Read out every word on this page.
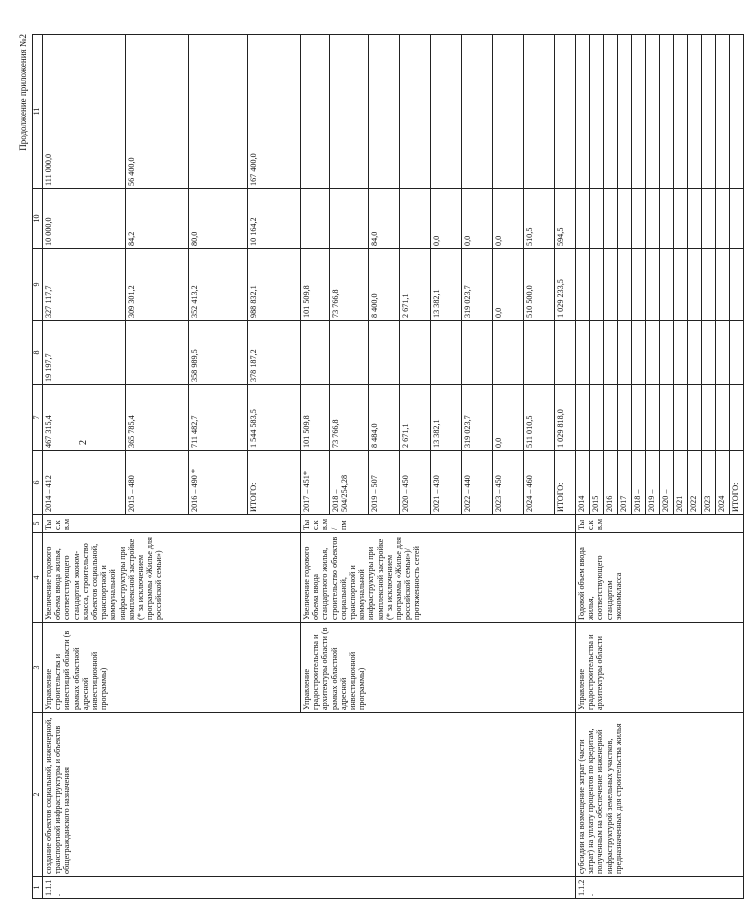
2
Продолжение приложения №2
1	2	3	4	5	6	7	8	9	10	11
1.1.1.	создание объектов социальной, инженерной, транспортной инфраструктуры и объектов общегражданского назначения	Управление строительства и инвестиций области (в рамках областной адресной инвестиционной программы)	Увеличение годового объема ввода жилья, соответствующего стандартам эконом-класса, строительство объектов социальной, транспортной и коммунальной инфраструктуры при комплексной застройке (* за исключением программы «Жилье для российской семьи»)	Тыс.кв.м	2014 – 412	467 315,4	19 197,7	327 117,7	10 000,0	111 000,0
					2015 – 480	365 785,4		309 301,2	84,2	56 400,0
					2016 – 490 *	711 482,7	358 989,5	352 413,2	80,0	
					ИТОГО:	1 544 583,5	378 187,2	988 832,1	10 164,2	167 400,0
		Управление градостроительства и архитектуры области (в рамках областной адресной инвестиционной программы)	Увеличение годового объема ввода стандартного жилья, строительство объектов социальной, транспортной и коммунальной инфраструктуры при комплексной застройке (* за исключением программы «Жилье для российской семьи»)/ протяженность сетей	Тыс.кв.м/ пм	2017 – 451*	101 509,8		101 509,8		
					2018 – 504/254,28	73 766,8		73 766,8		
					2019 – 507	8 484,0		8 400,0	84,0	
					2020 – 450	2 671,1		2 671,1		
					2021 – 430	13 382,1		13 382,1	0,0	
					2022 – 440	319 023,7		319 023,7	0,0	
					2023 – 450	0,0		0,0	0,0	
					2024 – 460	511 010,5		510 500,0	510,5	
					ИТОГО:	1 029 818,0		1 029 233,5	594,5	
1.1.2.	субсидии на возмещение затрат (части затрат) на уплату процентов по кредитам, полученным на обеспечение инженерной инфраструктурой земельных участков, предназначенных для строительства жилья	Управление градостроительства и архитектуры области	Годовой объем ввода жилья, соответствующего стандартам экономкласса	Тыс.кв.м	2014					
					2015					
					2016					
					2017					
					2018 –					
					2019 –					
					2020 –					
					2021					
					2022					
					2023					
					2024					
					ИТОГО:					
